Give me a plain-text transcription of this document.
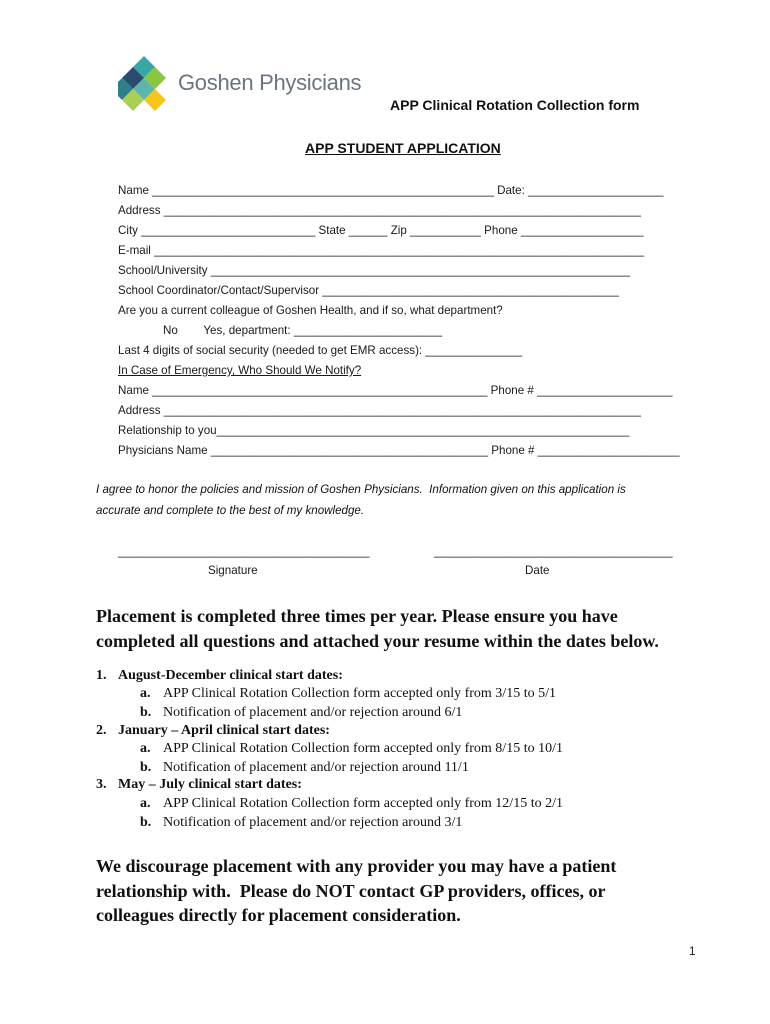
Goshen Physicians

APP Clinical Rotation Collection form
APP STUDENT APPLICATION
Name _____________________________________________________ Date: _____________________
Address __________________________________________________________________________
City ___________________________ State ______ Zip ___________ Phone ___________________
E-mail ____________________________________________________________________________
School/University _________________________________________________________________
School Coordinator/Contact/Supervisor ______________________________________________
Are you a current colleague of Goshen Health, and if so, what department?
No        Yes, department: _______________________
Last 4 digits of social security (needed to get EMR access): _______________
In Case of Emergency, Who Should We Notify?
Name ____________________________________________________ Phone # _____________________
Address __________________________________________________________________________
Relationship to you________________________________________________________________
Physicians Name ___________________________________________ Phone # ______________________
I agree to honor the policies and mission of Goshen Physicians.  Information given on this application is
accurate and complete to the best of my knowledge.
_______________________________________
Signature
_____________________________________
Date
Placement is completed three times per year. Please ensure you have
completed all questions and attached your resume within the dates below.
1. August-December clinical start dates:
a. APP Clinical Rotation Collection form accepted only from 3/15 to 5/1
b. Notification of placement and/or rejection around 6/1
2. January – April clinical start dates:
a. APP Clinical Rotation Collection form accepted only from 8/15 to 10/1
b. Notification of placement and/or rejection around 11/1
3. May – July clinical start dates:
a. APP Clinical Rotation Collection form accepted only from 12/15 to 2/1
b. Notification of placement and/or rejection around 3/1
We discourage placement with any provider you may have a patient
relationship with.  Please do NOT contact GP providers, offices, or
colleagues directly for placement consideration.
1
